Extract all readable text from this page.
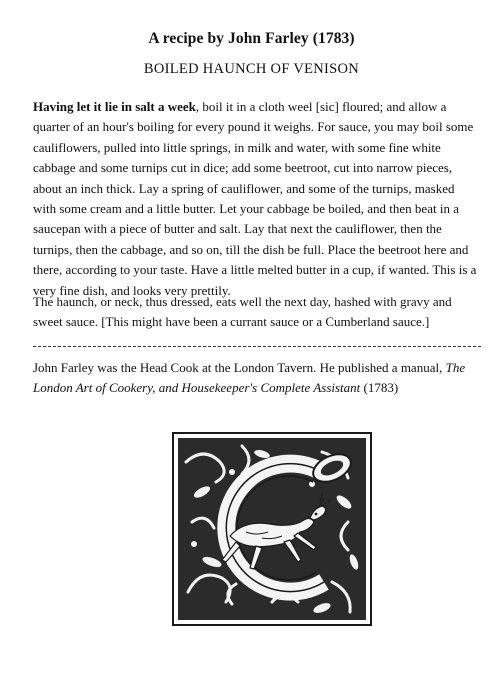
A recipe by John Farley (1783)
BOILED HAUNCH OF VENISON

Having let it lie in salt a week, boil it in a cloth weel [sic] floured; and allow a quarter of an hour's boiling for every pound it weighs. For sauce, you may boil some cauliflowers, pulled into little springs, in milk and water, with some fine white cabbage and some turnips cut in dice; add some beetroot, cut into narrow pieces, about an inch thick. Lay a spring of cauliflower, and some of the turnips, masked with some cream and a little butter. Let your cabbage be boiled, and then beat in a saucepan with a piece of butter and salt. Lay that next the cauliflower, then the turnips, then the cabbage, and so on, till the dish be full. Place the beetroot here and there, according to your taste. Have a little melted butter in a cup, if wanted. This is a very fine dish, and looks very prettily.

The haunch, or neck, thus dressed, eats well the next day, hashed with gravy and sweet sauce. [This might have been a currant sauce or a Cumberland sauce.]

John Farley was the Head Cook at the London Tavern. He published a manual, The London Art of Cookery, and Housekeeper's Complete Assistant (1783)
